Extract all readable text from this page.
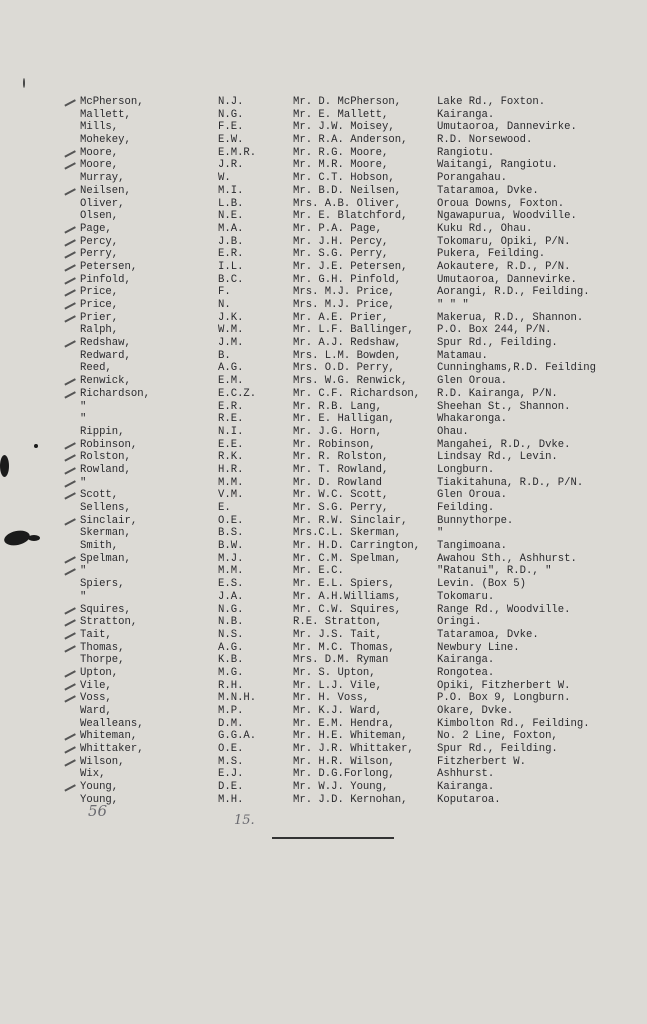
McPherson,	N.J.	Mr. D. McPherson,	Lake Rd., Foxton.
Mallett,	N.G.	Mr. E. Mallett,	Kairanga.
Mills,	F.E.	Mr. J.W. Moisey,	Umutaoroa, Dannevirke.
Mohekey,	E.W.	Mr. R.A. Anderson,	R.D. Norsewood.
Moore,	E.M.R.	Mr. R.G. Moore,	Rangiotu.
Moore,	J.R.	Mr. M.R. Moore,	Waitangi, Rangiotu.
Murray,	W.	Mr. C.T. Hobson,	Porangahau.
Neilsen,	M.I.	Mr. B.D. Neilsen,	Tataramoa, Dvke.
Oliver,	L.B.	Mrs. A.B. Oliver,	Oroua Downs, Foxton.
Olsen,	N.E.	Mr. E. Blatchford,	Ngawapurua, Woodville.
Page,	M.A.	Mr. P.A. Page,	Kuku Rd., Ohau.
Percy,	J.B.	Mr. J.H. Percy,	Tokomaru, Opiki, P/N.
Perry,	E.R.	Mr. S.G. Perry,	Pukera, Feilding.
Petersen,	I.L.	Mr. J.E. Petersen,	Aokautere, R.D., P/N.
Pinfold,	B.C.	Mr. G.H. Pinfold,	Umutaoroa, Dannevirke.
Price,	F.	Mrs. M.J. Price,	Aorangi, R.D., Feilding.
Price,	N.	Mrs. M.J. Price,	" " "
Prier,	J.K.	Mr. A.E. Prier,	Makerua, R.D., Shannon.
Ralph,	W.M.	Mr. L.F. Ballinger, P.O. Box 244, P/N.
Redshaw,	J.M.	Mr. A.J. Redshaw,	Spur Rd., Feilding.
Redward,	B.	Mrs. L.M. Bowden,	Matamau.
Reed,	A.G.	Mrs. O.D. Perry,	Cunninghams,R.D. Feilding
Renwick,	E.M.	Mrs. W.G. Renwick,	Glen Oroua.
Richardson,	E.C.Z.	Mr. C.F. Richardson, R.D. Kairanga, P/N.
"	E.R.	Mr. R.B. Lang,	Sheehan St., Shannon.
"	R.E.	Mr. E. Halligan,	Whakaronga.
Rippin,	N.I.	Mr. J.G. Horn,	Ohau.
Robinson,	E.E.	Mr. Robinson,	Mangahei, R.D., Dvke.
Rolston,	R.K.	Mr. R. Rolston,	Lindsay Rd., Levin.
Rowland,	H.R.	Mr. T. Rowland,	Longburn.
"	M.M.	Mr. D. Rowland	Tiakitahuna, R.D., P/N.
Scott,	V.M.	Mr. W.C. Scott,	Glen Oroua.
Sellens,	E.	Mr. S.G. Perry,	Feilding.
Sinclair,	O.E.	Mr. R.W. Sinclair,	Bunnythorpe.
Skerman,	B.S.	Mrs.C.L. Skerman,	"
Smith,	B.W.	Mr. H.D. Carrington, Tangimoana.
Spelman,	M.J.	Mr. C.M. Spelman,	Awahou Sth., Ashhurst.
"	M.M.	Mr. E.C.	"Ratanui", R.D., "
Spiers,	E.S.	Mr. E.L. Spiers,	Levin. (Box 5)
"	J.A.	Mr. A.H.Williams,	Tokomaru.
Squires,	N.G.	Mr. C.W. Squires,	Range Rd., Woodville.
Stratton,	N.B.	R.E. Stratton,	Oringi.
Tait,	N.S.	Mr. J.S. Tait,	Tataramoa, Dvke.
Thomas,	A.G.	Mr. M.C. Thomas,	Newbury Line.
Thorpe,	K.B.	Mrs. D.M. Ryman	Kairanga.
Upton,	M.G.	Mr. S. Upton,	Rongotea.
Vile,	R.H.	Mr. L.J. Vile,	Opiki, Fitzherbert W.
Voss,	M.N.H.	Mr. H. Voss,	P.O. Box 9, Longburn.
Ward,	M.P.	Mr. K.J. Ward,	Okare, Dvke.
Wealleans,	D.M.	Mr. E.M. Hendra,	Kimbolton Rd., Feilding.
Whiteman,	G.G.A.	Mr. H.E. Whiteman,	No. 2 Line, Foxton,
Whittaker,	O.E.	Mr. J.R. Whittaker, Spur Rd., Feilding.
Wilson,	M.S.	Mr. H.R. Wilson,	Fitzherbert W.
Wix,	E.J.	Mr. D.G.Forlong,	Ashhurst.
Young,	D.E.	Mr. W.J. Young,	Kairanga.
Young,	M.H.	Mr. J.D. Kernohan,	Koputaroa.
56
15.
